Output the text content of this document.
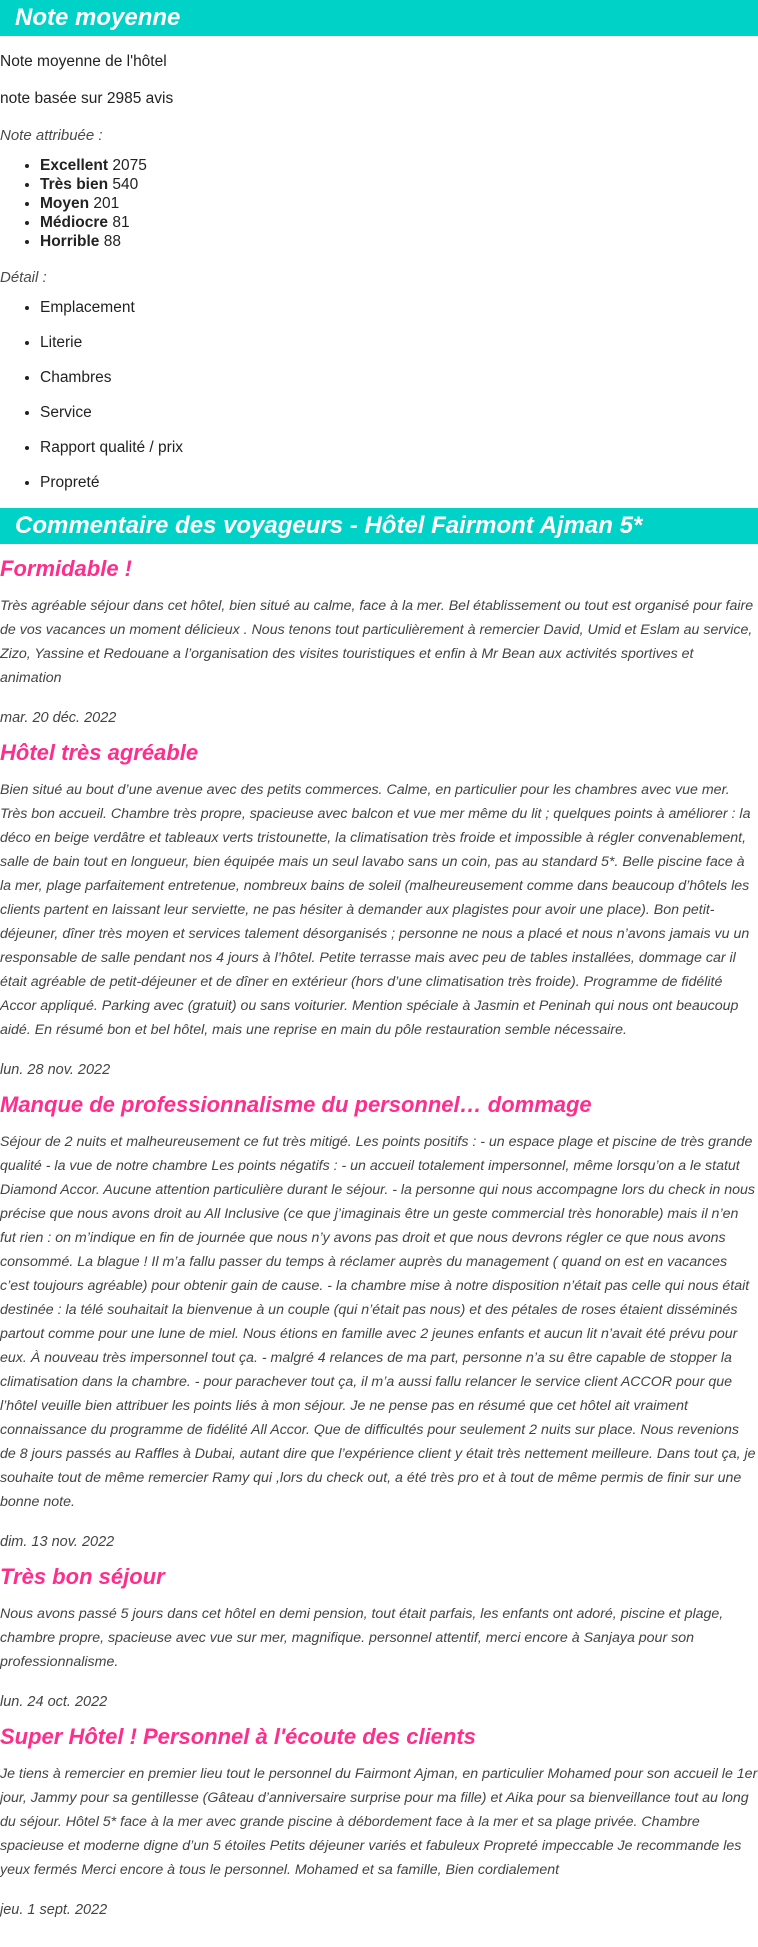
Note moyenne
Note moyenne de l'hôtel
note basée sur 2985 avis
Note attribuée :
• Excellent 2075
• Très bien 540
• Moyen 201
• Médiocre 81
• Horrible 88
Détail :
• Emplacement
• Literie
• Chambres
• Service
• Rapport qualité / prix
• Propreté
Commentaire des voyageurs - Hôtel Fairmont Ajman 5*
Formidable !

Très agréable séjour dans cet hôtel, bien situé au calme, face à la mer. Bel établissement ou tout est organisé pour faire de vos vacances un moment délicieux . Nous tenons tout particulièrement à remercier David, Umid et Eslam au service, Zizo, Yassine et Redouane a l’organisation des visites touristiques et enfin à Mr Bean aux activités sportives et animation

mar. 20 déc. 2022

Hôtel très agréable

Bien situé au bout d’une avenue avec des petits commerces. Calme, en particulier pour les chambres avec vue mer. Très bon accueil. Chambre très propre, spacieuse avec balcon et vue mer même du lit ; quelques points à améliorer : la déco en beige verdâtre et tableaux verts tristounette, la climatisation très froide et impossible à régler convenablement, salle de bain tout en longueur, bien équipée mais un seul lavabo sans un coin, pas au standard 5*. Belle piscine face à la mer, plage parfaitement entretenue, nombreux bains de soleil (malheureusement comme dans beaucoup d’hôtels les clients partent en laissant leur serviette, ne pas hésiter à demander aux plagistes pour avoir une place). Bon petit-déjeuner, dîner très moyen et services talement désorganisés ; personne ne nous a placé et nous n’avons jamais vu un responsable de salle pendant nos 4 jours à l’hôtel. Petite terrasse mais avec peu de tables installées, dommage car il était agréable de petit-déjeuner et de dîner en extérieur (hors d’une climatisation très froide). Programme de fidélité Accor appliqué. Parking avec (gratuit) ou sans voiturier. Mention spéciale à Jasmin et Peninah qui nous ont beaucoup aidé. En résumé bon et bel hôtel, mais une reprise en main du pôle restauration semble nécessaire.

lun. 28 nov. 2022

Manque de professionnalisme du personnel… dommage

Séjour de 2 nuits et malheureusement ce fut très mitigé. Les points positifs : - un espace plage et piscine de très grande qualité - la vue de notre chambre Les points négatifs : - un accueil totalement impersonnel, même lorsqu’on a le statut Diamond Accor. Aucune attention particulière durant le séjour. - la personne qui nous accompagne lors du check in nous précise que nous avons droit au All Inclusive (ce que j’imaginais être un geste commercial très honorable) mais il n’en fut rien : on m’indique en fin de journée que nous n’y avons pas droit et que nous devrons régler ce que nous avons consommé. La blague ! Il m’a fallu passer du temps à réclamer auprès du management ( quand on est en vacances c’est toujours agréable) pour obtenir gain de cause. - la chambre mise à notre disposition n’était pas celle qui nous était destinée : la télé souhaitait la bienvenue à un couple (qui n’était pas nous) et des pétales de roses étaient disséminés partout comme pour une lune de miel. Nous étions en famille avec 2 jeunes enfants et aucun lit n’avait été prévu pour eux. À nouveau très impersonnel tout ça. - malgré 4 relances de ma part, personne n’a su être capable de stopper la climatisation dans la chambre. - pour parachever tout ça, il m’a aussi fallu relancer le service client ACCOR pour que l’hôtel veuille bien attribuer les points liés à mon séjour. Je ne pense pas en résumé que cet hôtel ait vraiment connaissance du programme de fidélité All Accor. Que de difficultés pour seulement 2 nuits sur place. Nous revenions de 8 jours passés au Raffles à Dubai, autant dire que l’expérience client y était très nettement meilleure. Dans tout ça, je souhaite tout de même remercier Ramy qui ,lors du check out, a été très pro et à tout de même permis de finir sur une bonne note.

dim. 13 nov. 2022

Très bon séjour

Nous avons passé 5 jours dans cet hôtel en demi pension, tout était parfais, les enfants ont adoré, piscine et plage, chambre propre, spacieuse avec vue sur mer, magnifique. personnel attentif, merci encore à Sanjaya pour son professionnalisme.

lun. 24 oct. 2022

Super Hôtel ! Personnel à l'écoute des clients

Je tiens à remercier en premier lieu tout le personnel du Fairmont Ajman, en particulier Mohamed pour son accueil le 1er jour, Jammy pour sa gentillesse (Gâteau d’anniversaire surprise pour ma fille) et Aika pour sa bienveillance tout au long du séjour. Hôtel 5* face à la mer avec grande piscine à débordement face à la mer et sa plage privée. Chambre spacieuse et moderne digne d’un 5 étoiles Petits déjeuner variés et fabuleux Propreté impeccable Je recommande les yeux fermés Merci encore à tous le personnel. Mohamed et sa famille, Bien cordialement

jeu. 1 sept. 2022
